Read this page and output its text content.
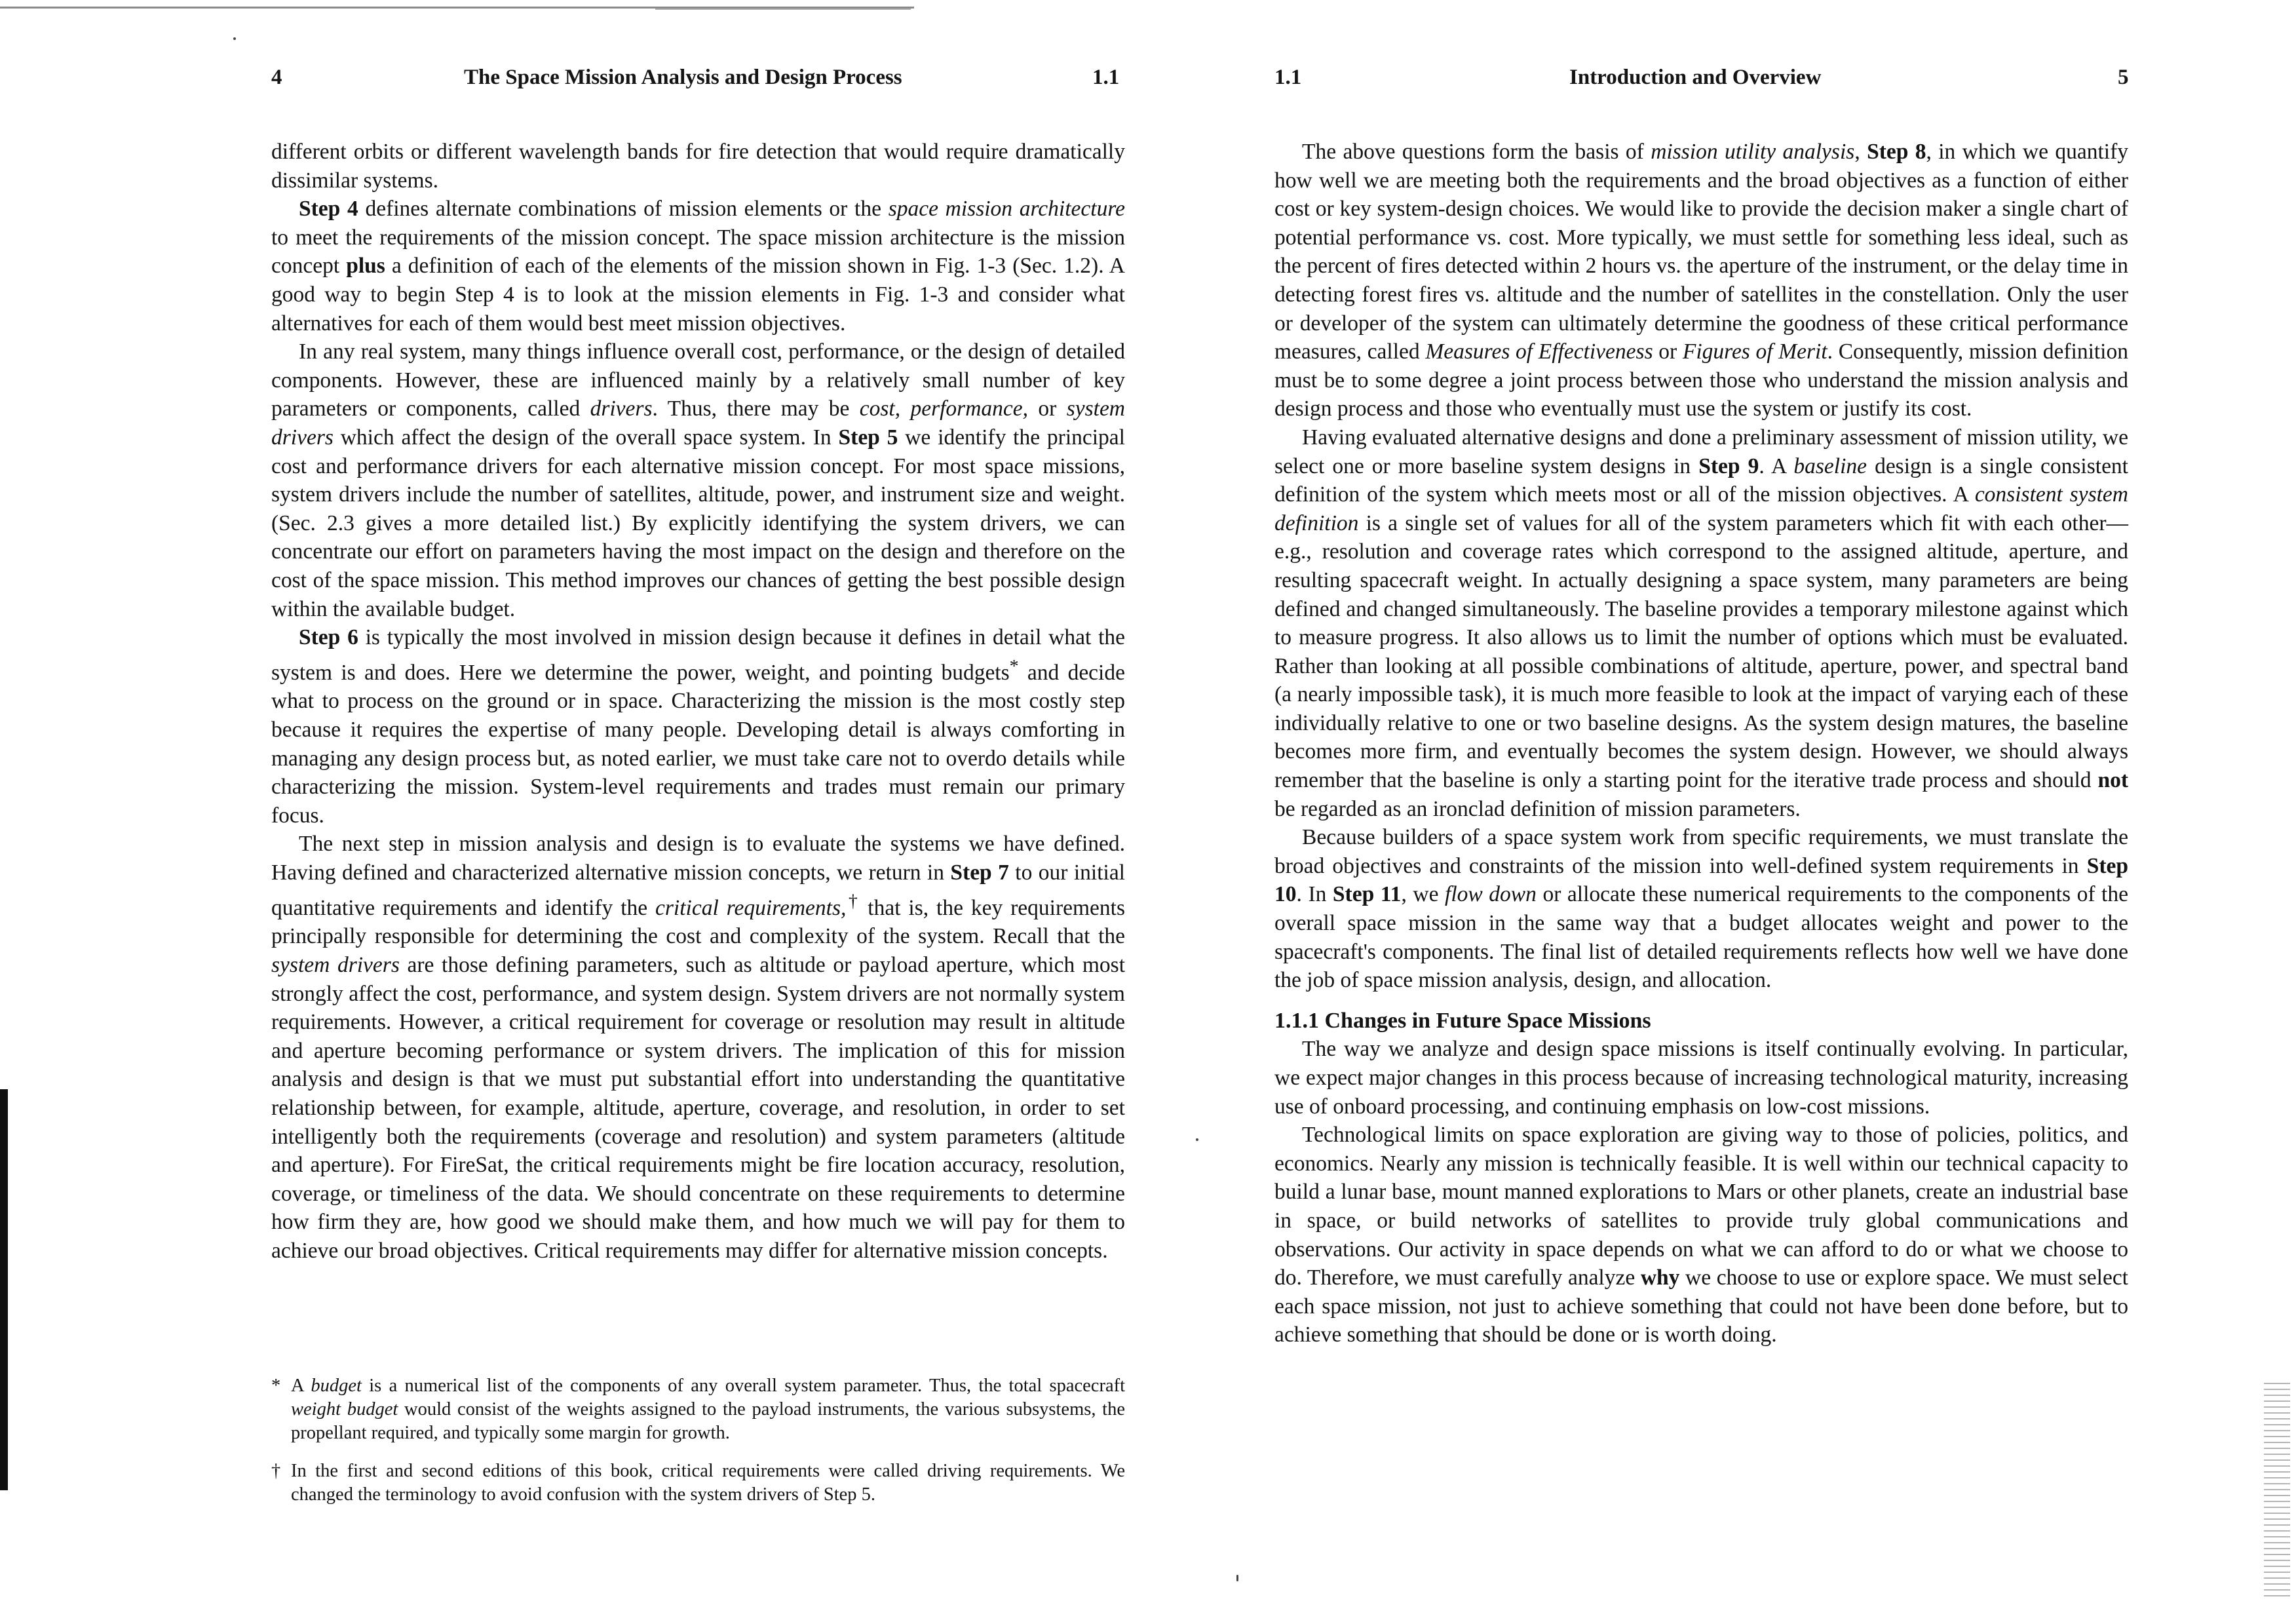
4	The Space Mission Analysis and Design Process	1.1

different orbits or different wavelength bands for fire detection that would require dramatically dissimilar systems.

Step 4 defines alternate combinations of mission elements or the space mission architecture to meet the requirements of the mission concept. The space mission architecture is the mission concept plus a definition of each of the elements of the mission shown in Fig. 1-3 (Sec. 1.2). A good way to begin Step 4 is to look at the mission elements in Fig. 1-3 and consider what alternatives for each of them would best meet mission objectives.

In any real system, many things influence overall cost, performance, or the design of detailed components. However, these are influenced mainly by a relatively small number of key parameters or components, called drivers. Thus, there may be cost, performance, or system drivers which affect the design of the overall space system. In Step 5 we identify the principal cost and performance drivers for each alternative mission concept. For most space missions, system drivers include the number of satellites, altitude, power, and instrument size and weight. (Sec. 2.3 gives a more detailed list.) By explicitly identifying the system drivers, we can concentrate our effort on parameters having the most impact on the design and therefore on the cost of the space mission. This method improves our chances of getting the best possible design within the available budget.

Step 6 is typically the most involved in mission design because it defines in detail what the system is and does. Here we determine the power, weight, and pointing budgets* and decide what to process on the ground or in space. Characterizing the mission is the most costly step because it requires the expertise of many people. Developing detail is always comforting in managing any design process but, as noted earlier, we must take care not to overdo details while characterizing the mission. System-level requirements and trades must remain our primary focus.

The next step in mission analysis and design is to evaluate the systems we have defined. Having defined and characterized alternative mission concepts, we return in Step 7 to our initial quantitative requirements and identify the critical requirements,† that is, the key requirements principally responsible for determining the cost and complexity of the system. Recall that the system drivers are those defining parameters, such as altitude or payload aperture, which most strongly affect the cost, performance, and system design. System drivers are not normally system requirements. However, a critical requirement for coverage or resolution may result in altitude and aperture becoming performance or system drivers. The implication of this for mission analysis and design is that we must put substantial effort into understanding the quantitative relationship between, for example, altitude, aperture, coverage, and resolution, in order to set intelligently both the requirements (coverage and resolution) and system parameters (altitude and aperture). For FireSat, the critical requirements might be fire location accuracy, resolution, coverage, or timeliness of the data. We should concentrate on these requirements to determine how firm they are, how good we should make them, and how much we will pay for them to achieve our broad objectives. Critical requirements may differ for alternative mission concepts.

* A budget is a numerical list of the components of any overall system parameter. Thus, the total spacecraft weight budget would consist of the weights assigned to the payload instruments, the various subsystems, the propellant required, and typically some margin for growth.

† In the first and second editions of this book, critical requirements were called driving requirements. We changed the terminology to avoid confusion with the system drivers of Step 5.

1.1	Introduction and Overview	5

The above questions form the basis of mission utility analysis, Step 8, in which we quantify how well we are meeting both the requirements and the broad objectives as a function of either cost or key system-design choices. We would like to provide the decision maker a single chart of potential performance vs. cost. More typically, we must settle for something less ideal, such as the percent of fires detected within 2 hours vs. the aperture of the instrument, or the delay time in detecting forest fires vs. altitude and the number of satellites in the constellation. Only the user or developer of the system can ultimately determine the goodness of these critical performance measures, called Measures of Effectiveness or Figures of Merit. Consequently, mission definition must be to some degree a joint process between those who understand the mission analysis and design process and those who eventually must use the system or justify its cost.

Having evaluated alternative designs and done a preliminary assessment of mission utility, we select one or more baseline system designs in Step 9. A baseline design is a single consistent definition of the system which meets most or all of the mission objectives. A consistent system definition is a single set of values for all of the system parameters which fit with each other—e.g., resolution and coverage rates which correspond to the assigned altitude, aperture, and resulting spacecraft weight. In actually designing a space system, many parameters are being defined and changed simultaneously. The baseline provides a temporary milestone against which to measure progress. It also allows us to limit the number of options which must be evaluated. Rather than looking at all possible combinations of altitude, aperture, power, and spectral band (a nearly impossible task), it is much more feasible to look at the impact of varying each of these individually relative to one or two baseline designs. As the system design matures, the baseline becomes more firm, and eventually becomes the system design. However, we should always remember that the baseline is only a starting point for the iterative trade process and should not be regarded as an ironclad definition of mission parameters.

Because builders of a space system work from specific requirements, we must translate the broad objectives and constraints of the mission into well-defined system requirements in Step 10. In Step 11, we flow down or allocate these numerical requirements to the components of the overall space mission in the same way that a budget allocates weight and power to the spacecraft's components. The final list of detailed requirements reflects how well we have done the job of space mission analysis, design, and allocation.

1.1.1 Changes in Future Space Missions

The way we analyze and design space missions is itself continually evolving. In particular, we expect major changes in this process because of increasing technological maturity, increasing use of onboard processing, and continuing emphasis on low-cost missions.

Technological limits on space exploration are giving way to those of policies, politics, and economics. Nearly any mission is technically feasible. It is well within our technical capacity to build a lunar base, mount manned explorations to Mars or other planets, create an industrial base in space, or build networks of satellites to provide truly global communications and observations. Our activity in space depends on what we can afford to do or what we choose to do. Therefore, we must carefully analyze why we choose to use or explore space. We must select each space mission, not just to achieve something that could not have been done before, but to achieve something that should be done or is worth doing.
